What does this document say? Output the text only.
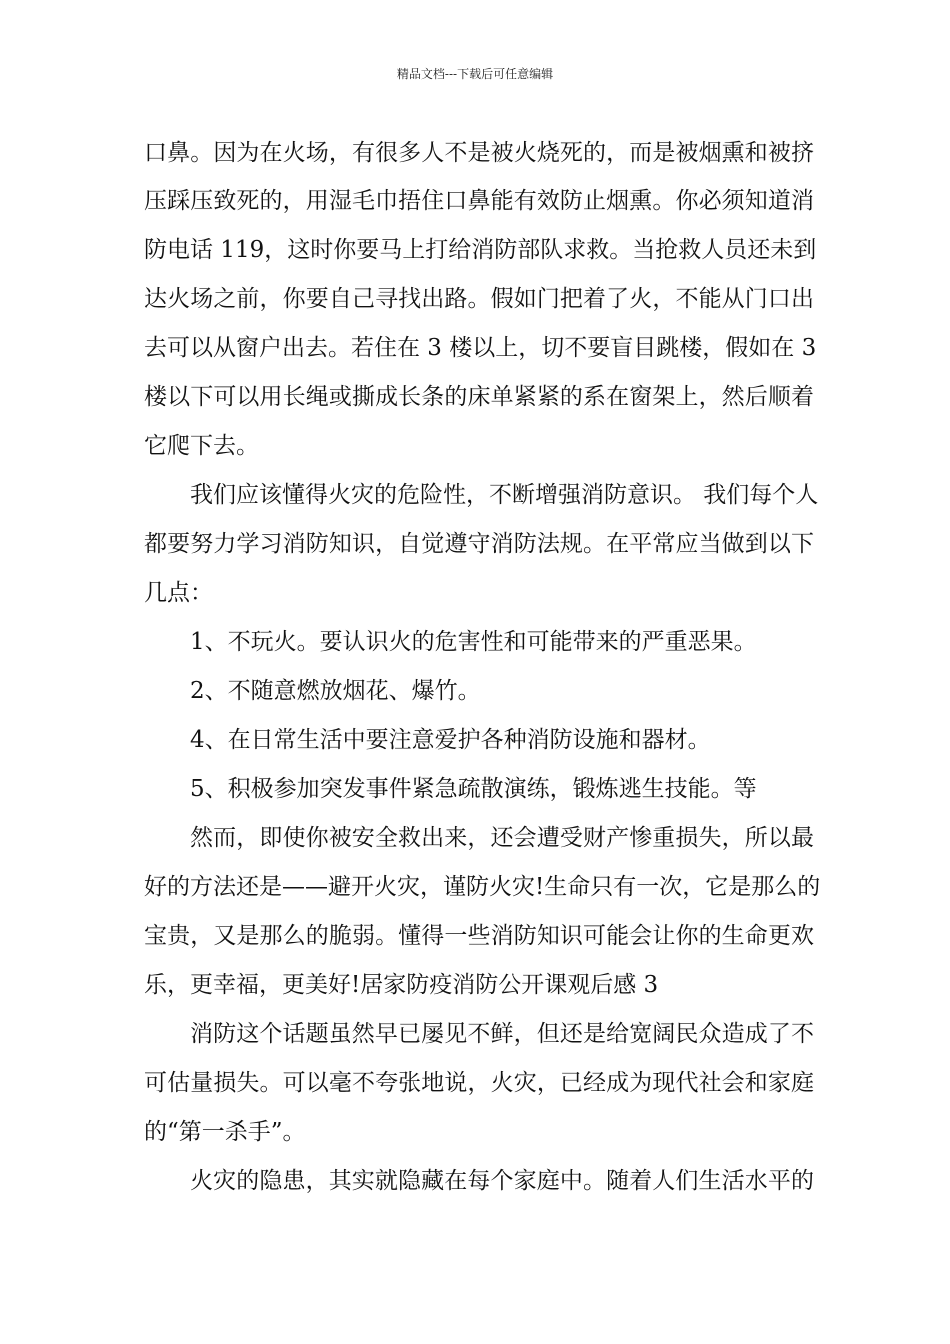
精品文档---下载后可任意编辑
口鼻。因为在火场，有很多人不是被火烧死的，而是被烟熏和被挤
压踩压致死的，用湿毛巾捂住口鼻能有效防止烟熏。你必须知道消
防电话 119，这时你要马上打给消防部队求救。当抢救人员还未到
达火场之前，你要自己寻找出路。假如门把着了火，不能从门口出
去可以从窗户出去。若住在 3 楼以上，切不要盲目跳楼，假如在 3
楼以下可以用长绳或撕成长条的床单紧紧的系在窗架上，然后顺着
它爬下去。
我们应该懂得火灾的危险性，不断增强消防意识。 我们每个人
都要努力学习消防知识，自觉遵守消防法规。在平常应当做到以下
几点：
1、不玩火。要认识火的危害性和可能带来的严重恶果。
2、不随意燃放烟花、爆竹。
4、在日常生活中要注意爱护各种消防设施和器材。
5、积极参加突发事件紧急疏散演练，锻炼逃生技能。等
然而，即使你被安全救出来，还会遭受财产惨重损失，所以最
好的方法还是——避开火灾，谨防火灾!生命只有一次，它是那么的
宝贵，又是那么的脆弱。懂得一些消防知识可能会让你的生命更欢
乐，更幸福，更美好!居家防疫消防公开课观后感 3
消防这个话题虽然早已屡见不鲜，但还是给宽阔民众造成了不
可估量损失。可以毫不夸张地说，火灾，已经成为现代社会和家庭
的“第一杀手”。
火灾的隐患，其实就隐藏在每个家庭中。随着人们生活水平的
